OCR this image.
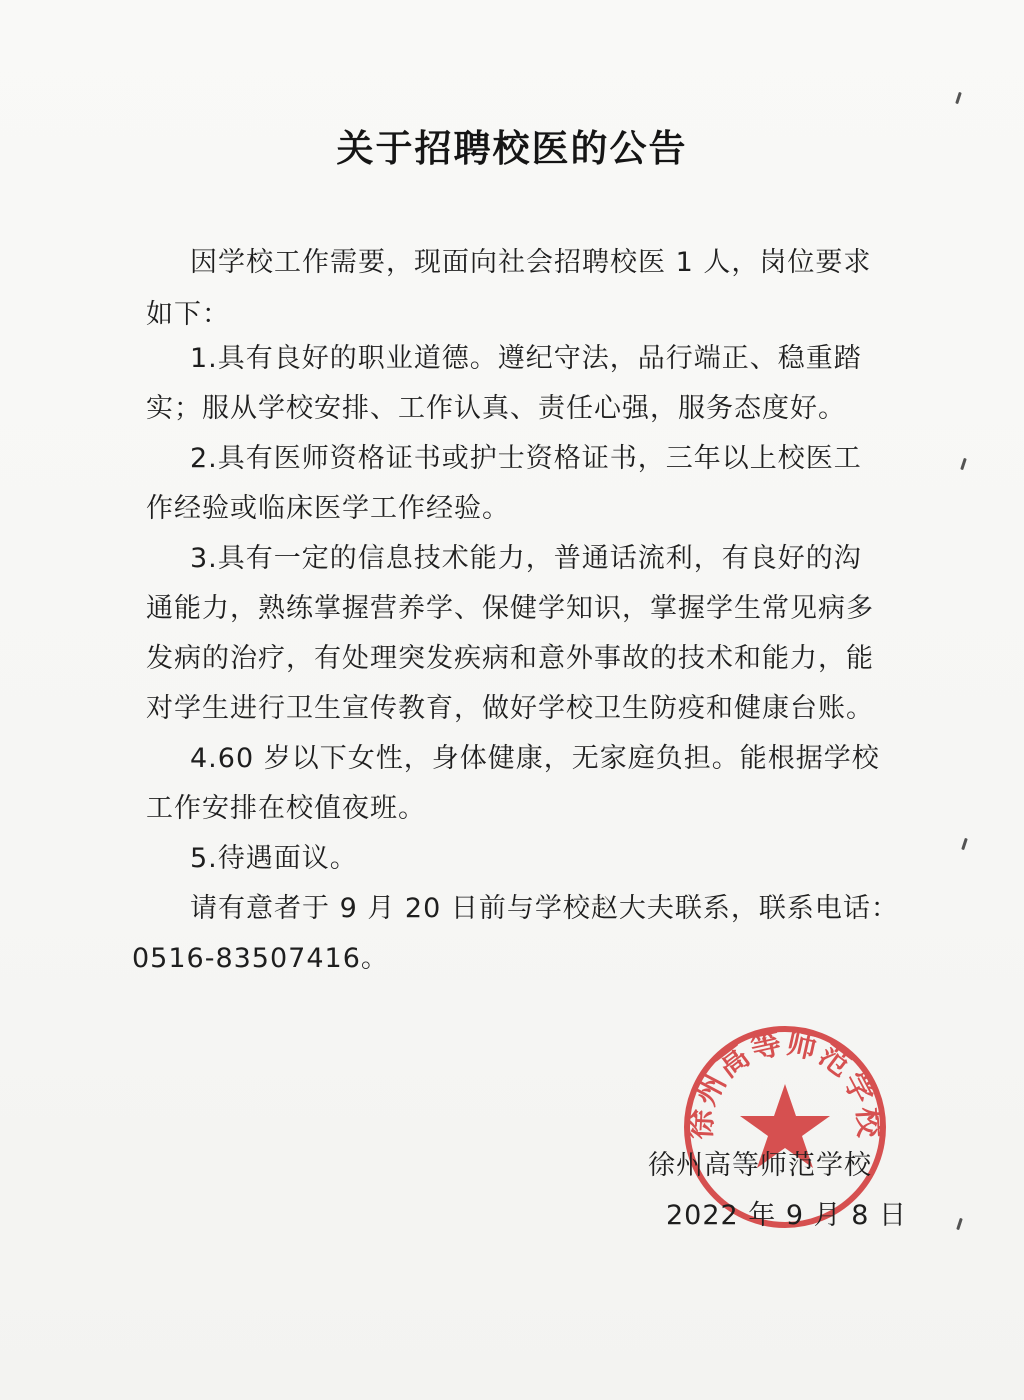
关于招聘校医的公告

因学校工作需要，现面向社会招聘校医 1 人，岗位要求

如下：

1.具有良好的职业道德。遵纪守法，品行端正、稳重踏

实；服从学校安排、工作认真、责任心强，服务态度好。

2.具有医师资格证书或护士资格证书，三年以上校医工

作经验或临床医学工作经验。

3.具有一定的信息技术能力，普通话流利，有良好的沟

通能力，熟练掌握营养学、保健学知识，掌握学生常见病多

发病的治疗，有处理突发疾病和意外事故的技术和能力，能

对学生进行卫生宣传教育，做好学校卫生防疫和健康台账。

4.60 岁以下女性，身体健康，无家庭负担。能根据学校

工作安排在校值夜班。

5.待遇面议。

请有意者于 9 月 20 日前与学校赵大夫联系，联系电话：

0516-83507416。

徐州高等师范学校
徐州高等师范学校
2022 年 9 月 8 日
